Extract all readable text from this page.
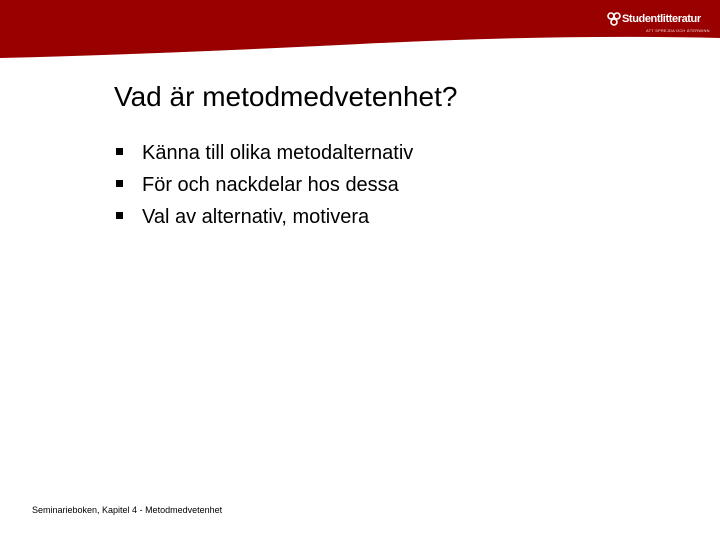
Studentlitteratur
ATT SPREJDA OCH ÄTERWINN
Vad är metodmedvetenhet?
Känna till olika metodalternativ
För och nackdelar hos dessa
Val av alternativ, motivera
Seminarieboken, Kapitel 4 - Metodmedvetenhet
